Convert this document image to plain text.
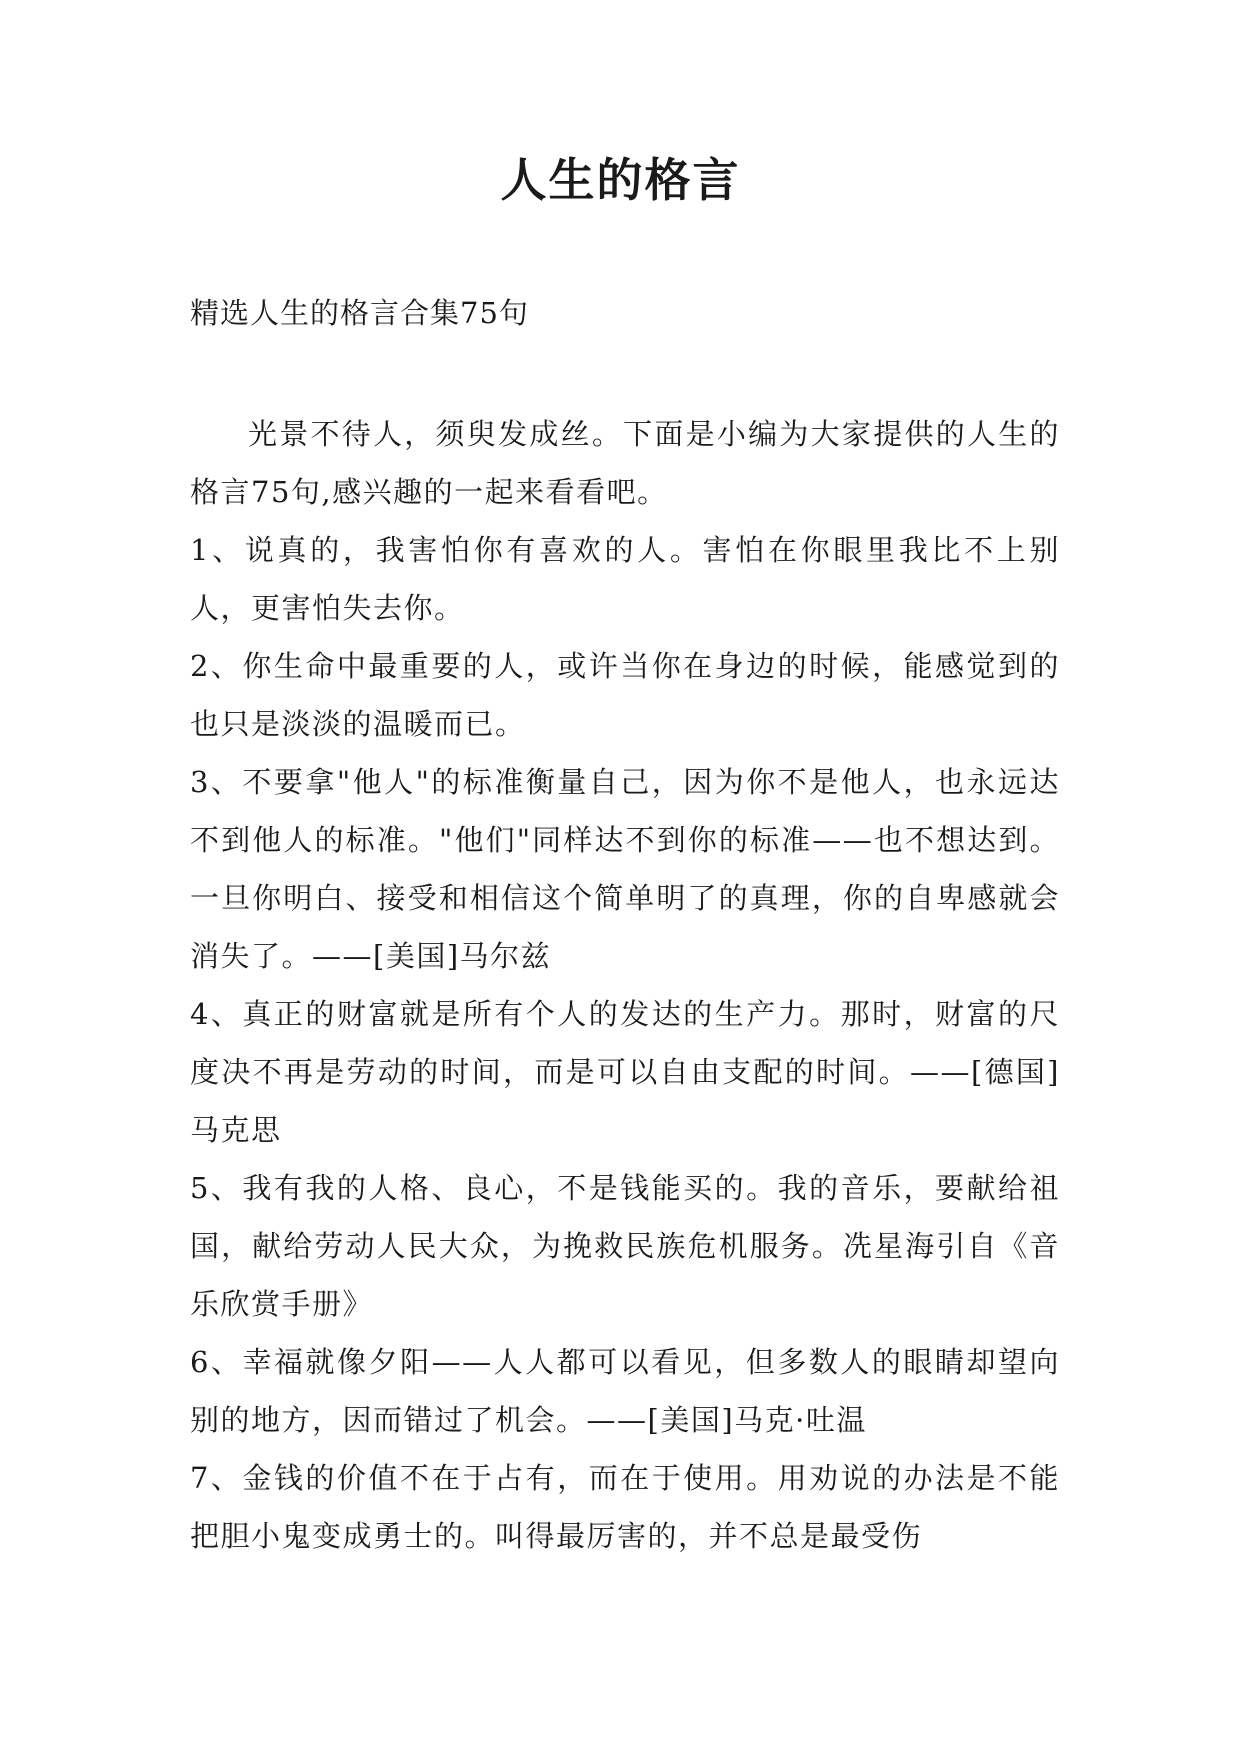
人生的格言

精选人生的格言合集75句

光景不待人，须臾发成丝。下面是小编为大家提供的人生的格言75句,感兴趣的一起来看看吧。

1、说真的，我害怕你有喜欢的人。害怕在你眼里我比不上别人，更害怕失去你。

2、你生命中最重要的人，或许当你在身边的时候，能感觉到的也只是淡淡的温暖而已。

3、不要拿"他人"的标准衡量自己，因为你不是他人，也永远达不到他人的标准。"他们"同样达不到你的标准——也不想达到。一旦你明白、接受和相信这个简单明了的真理，你的自卑感就会消失了。——[美国]马尔兹

4、真正的财富就是所有个人的发达的生产力。那时，财富的尺度决不再是劳动的时间，而是可以自由支配的时间。——[德国]马克思

5、我有我的人格、良心，不是钱能买的。我的音乐，要献给祖国，献给劳动人民大众，为挽救民族危机服务。冼星海引自《音乐欣赏手册》

6、幸福就像夕阳——人人都可以看见，但多数人的眼睛却望向别的地方，因而错过了机会。——[美国]马克·吐温

7、金钱的价值不在于占有，而在于使用。用劝说的办法是不能把胆小鬼变成勇士的。叫得最厉害的，并不总是最受伤
